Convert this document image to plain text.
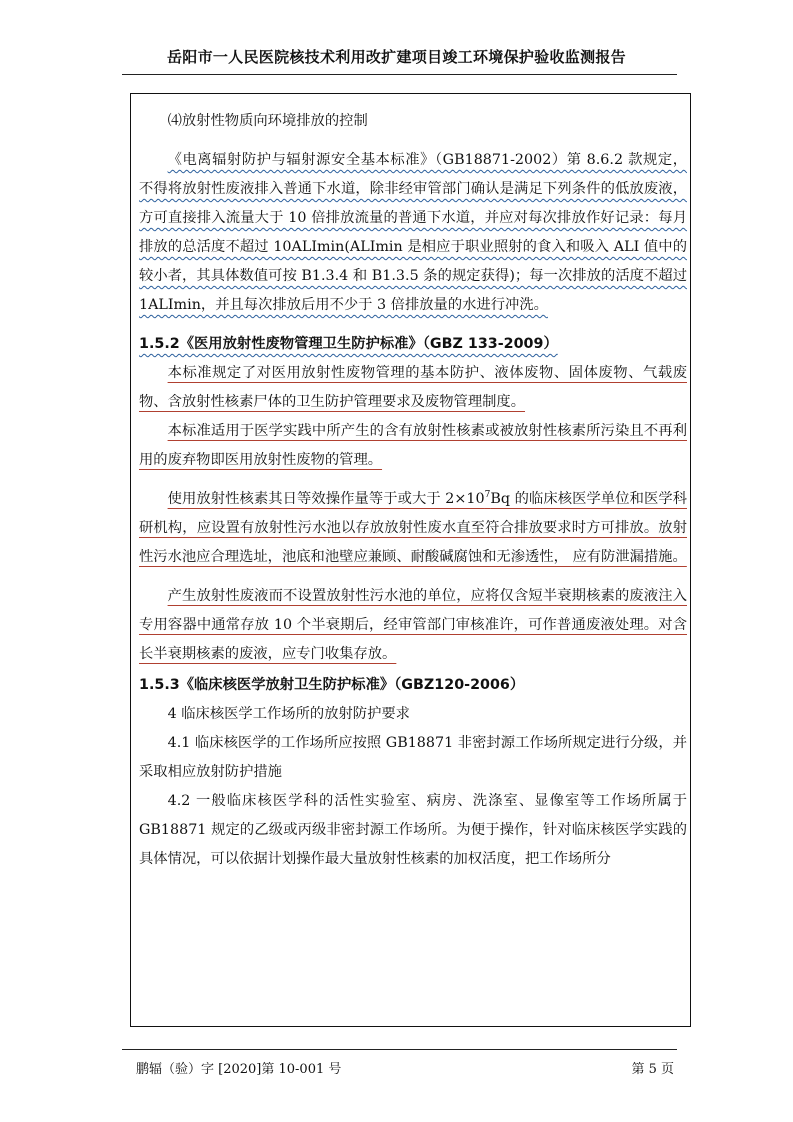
岳阳市一人民医院核技术利用改扩建项目竣工环境保护验收监测报告

⑷放射性物质向环境排放的控制

《电离辐射防护与辐射源安全基本标准》（GB18871-2002）第 8.6.2 款规定， 不得将放射性废液排入普通下水道，除非经审管部门确认是满足下列条件的低放废液，方可直接排入流量大于 10 倍排放流量的普通下水道，并应对每次排放作好记录：每月排放的总活度不超过 10ALImin(ALImin 是相应于职业照射的食入和吸入 ALI 值中的较小者，其具体数值可按 B1.3.4 和 B1.3.5 条的规定获得)；每一次排放的活度不超过 1ALImin，并且每次排放后用不少于 3 倍排放量的水进行冲洗。

1.5.2《医用放射性废物管理卫生防护标准》（GBZ 133-2009）

本标准规定了对医用放射性废物管理的基本防护、液体废物、固体废物、气载废物、含放射性核素尸体的卫生防护管理要求及废物管理制度。

本标准适用于医学实践中所产生的含有放射性核素或被放射性核素所污染且不再利用的废弃物即医用放射性废物的管理。

使用放射性核素其日等效操作量等于或大于 $2\times 10^7Bq$ 的临床核医学单位和医学科研机构，应设置有放射性污水池以存放放射性废水直至符合排放要求时方可排放。放射性污水池应合理选址，池底和池壁应兼顾、耐酸碱腐蚀和无渗透性， 应有防泄漏措施。

产生放射性废液而不设置放射性污水池的单位，应将仅含短半衰期核素的废液注入专用容器中通常存放 10 个半衰期后，经审管部门审核准许，可作普通废液处理。对含长半衰期核素的废液，应专门收集存放。

1.5.3《临床核医学放射卫生防护标准》（GBZ120-2006）

4 临床核医学工作场所的放射防护要求

4.1 临床核医学的工作场所应按照 GB18871 非密封源工作场所规定进行分级，并采取相应放射防护措施

4.2 一般临床核医学科的活性实验室、病房、洗涤室、显像室等工作场所属于 GB18871 规定的乙级或丙级非密封源工作场所。为便于操作，针对临床核医学实践的具体情况，可以依据计划操作最大量放射性核素的加权活度，把工作场所分

鹏辐（验）字 [2020]第 10-001 号	第 5 页
